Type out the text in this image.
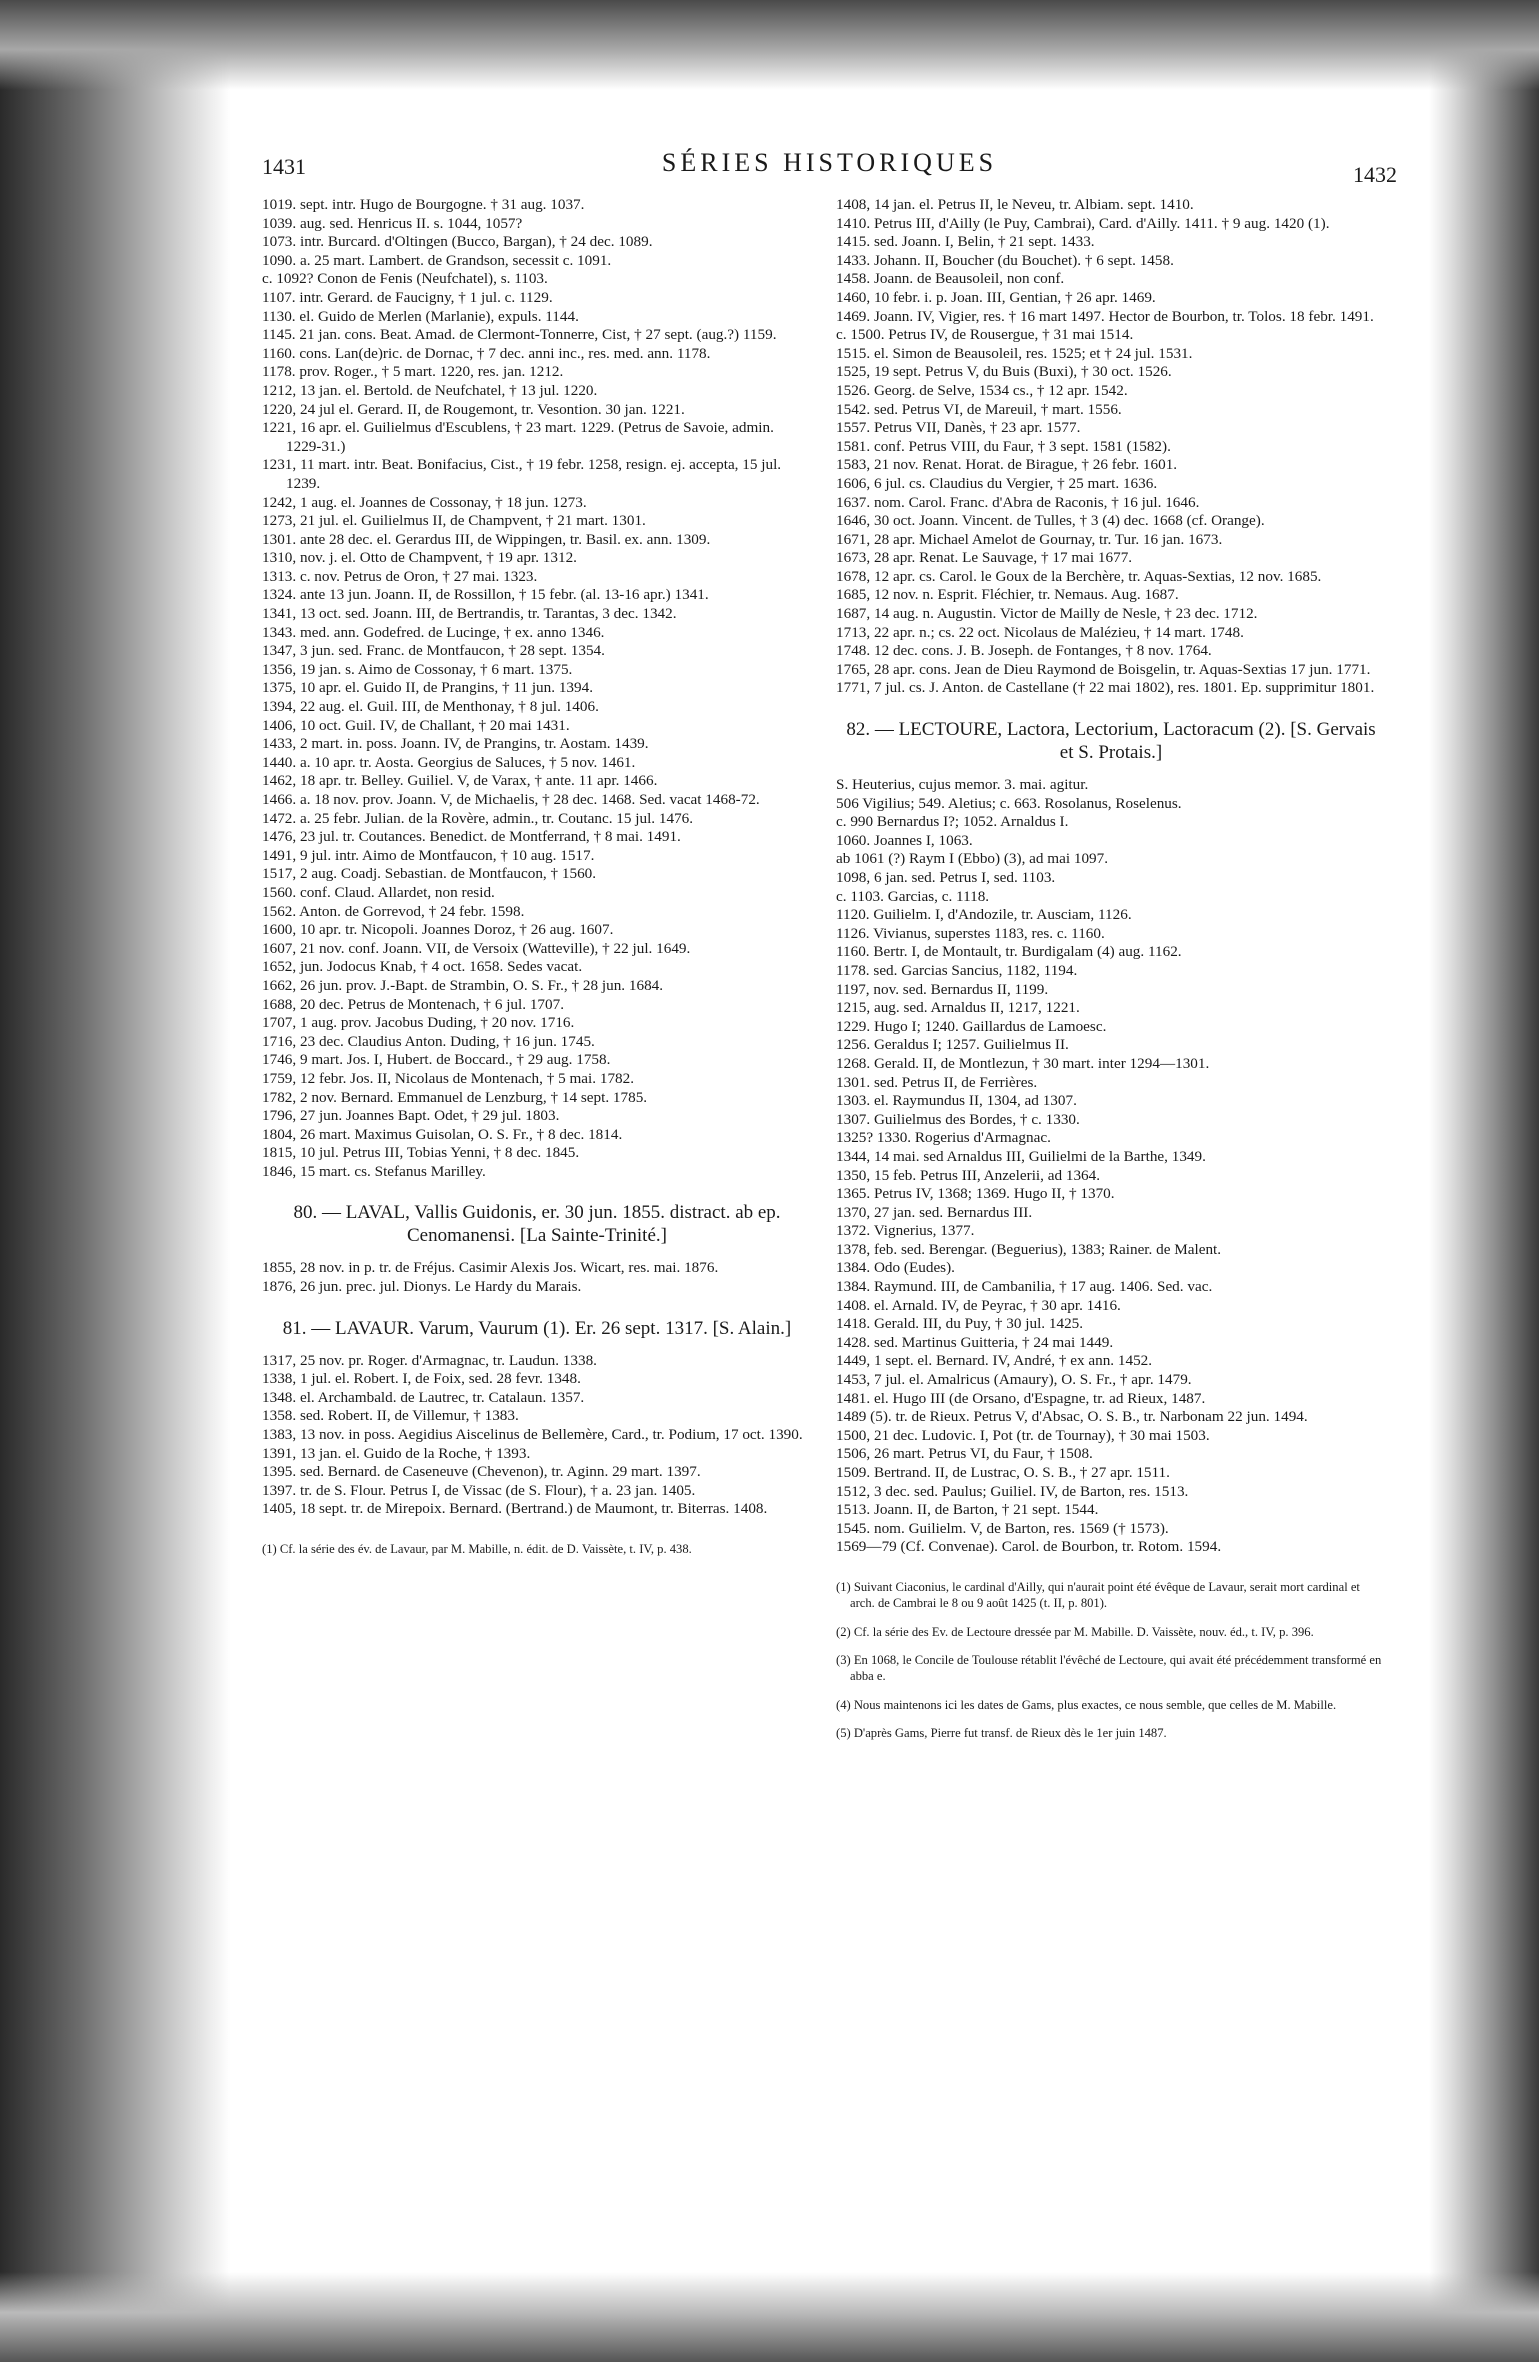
1431	SÉRIES HISTORIQUES	1432

1019. sept. intr. Hugo de Bourgogne. † 31 aug. 1037.

1039. aug. sed. Henricus II. s. 1044, 1057?

1073. intr. Burcard. d'Oltingen (Bucco, Bargan), † 24 dec. 1089.

1090. a. 25 mart. Lambert. de Grandson, secessit c. 1091.

c. 1092? Conon de Fenis (Neufchatel), s. 1103.

1107. intr. Gerard. de Faucigny, † 1 jul. c. 1129.

1130. el. Guido de Merlen (Marlanie), expuls. 1144.

1145. 21 jan. cons. Beat. Amad. de Clermont-Tonnerre, Cist, † 27 sept. (aug.?) 1159.

1160. cons. Lan(de)ric. de Dornac, † 7 dec. anni inc., res. med. ann. 1178.

1178. prov. Roger., † 5 mart. 1220, res. jan. 1212.

1212, 13 jan. el. Bertold. de Neufchatel, † 13 jul. 1220.

1220, 24 jul el. Gerard. II, de Rougemont, tr. Vesontion. 30 jan. 1221.

1221, 16 apr. el. Guilielmus d'Escublens, † 23 mart. 1229. (Petrus de Savoie, admin. 1229-31.)

1231, 11 mart. intr. Beat. Bonifacius, Cist., † 19 febr. 1258, resign. ej. accepta, 15 jul. 1239.

1242, 1 aug. el. Joannes de Cossonay, † 18 jun. 1273.

1273, 21 jul. el. Guilielmus II, de Champvent, † 21 mart. 1301.

1301. ante 28 dec. el. Gerardus III, de Wippingen, tr. Basil. ex. ann. 1309.

1310, nov. j. el. Otto de Champvent, † 19 apr. 1312.

1313. c. nov. Petrus de Oron, † 27 mai. 1323.

1324. ante 13 jun. Joann. II, de Rossillon, † 15 febr. (al. 13-16 apr.) 1341.

1341, 13 oct. sed. Joann. III, de Bertrandis, tr. Tarantas, 3 dec. 1342.

1343. med. ann. Godefred. de Lucinge, † ex. anno 1346.

1347, 3 jun. sed. Franc. de Montfaucon, † 28 sept. 1354.

1356, 19 jan. s. Aimo de Cossonay, † 6 mart. 1375.

1375, 10 apr. el. Guido II, de Prangins, † 11 jun. 1394.

1394, 22 aug. el. Guil. III, de Menthonay, † 8 jul. 1406.

1406, 10 oct. Guil. IV, de Challant, † 20 mai 1431.

1433, 2 mart. in. poss. Joann. IV, de Prangins, tr. Aostam. 1439.

1440. a. 10 apr. tr. Aosta. Georgius de Saluces, † 5 nov. 1461.

1462, 18 apr. tr. Belley. Guiliel. V, de Varax, † ante. 11 apr. 1466.

1466. a. 18 nov. prov. Joann. V, de Michaelis, † 28 dec. 1468. Sed. vacat 1468-72.

1472. a. 25 febr. Julian. de la Rovère, admin., tr. Coutanc. 15 jul. 1476.

1476, 23 jul. tr. Coutances. Benedict. de Montferrand, † 8 mai. 1491.

1491, 9 jul. intr. Aimo de Montfaucon, † 10 aug. 1517.

1517, 2 aug. Coadj. Sebastian. de Montfaucon, † 1560.

1560. conf. Claud. Allardet, non resid.

1562. Anton. de Gorrevod, † 24 febr. 1598.

1600, 10 apr. tr. Nicopoli. Joannes Doroz, † 26 aug. 1607.

1607, 21 nov. conf. Joann. VII, de Versoix (Watteville), † 22 jul. 1649.

1652, jun. Jodocus Knab, † 4 oct. 1658. Sedes vacat.

1662, 26 jun. prov. J.-Bapt. de Strambin, O. S. Fr., † 28 jun. 1684.

1688, 20 dec. Petrus de Montenach, † 6 jul. 1707.

1707, 1 aug. prov. Jacobus Duding, † 20 nov. 1716.

1716, 23 dec. Claudius Anton. Duding, † 16 jun. 1745.

1746, 9 mart. Jos. I, Hubert. de Boccard., † 29 aug. 1758.

1759, 12 febr. Jos. II, Nicolaus de Montenach, † 5 mai. 1782.

1782, 2 nov. Bernard. Emmanuel de Lenzburg, † 14 sept. 1785.

1796, 27 jun. Joannes Bapt. Odet, † 29 jul. 1803.

1804, 26 mart. Maximus Guisolan, O. S. Fr., † 8 dec. 1814.

1815, 10 jul. Petrus III, Tobias Yenni, † 8 dec. 1845.

1846, 15 mart. cs. Stefanus Marilley.

80. — LAVAL, Vallis Guidonis, er. 30 jun. 1855. distract. ab ep. Cenomanensi. [La Sainte-Trinité.]

1855, 28 nov. in p. tr. de Fréjus. Casimir Alexis Jos. Wicart, res. mai. 1876.

1876, 26 jun. prec. jul. Dionys. Le Hardy du Marais.

81. — LAVAUR. Varum, Vaurum (1). Er. 26 sept. 1317. [S. Alain.]

1317, 25 nov. pr. Roger. d'Armagnac, tr. Laudun. 1338.

1338, 1 jul. el. Robert. I, de Foix, sed. 28 fevr. 1348.

1348. el. Archambald. de Lautrec, tr. Catalaun. 1357.

1358. sed. Robert. II, de Villemur, † 1383.

1383, 13 nov. in poss. Aegidius Aiscelinus de Bellemère, Card., tr. Podium, 17 oct. 1390.

1391, 13 jan. el. Guido de la Roche, † 1393.

1395. sed. Bernard. de Caseneuve (Chevenon), tr. Aginn. 29 mart. 1397.

1397. tr. de S. Flour. Petrus I, de Vissac (de S. Flour), † a. 23 jan. 1405.

1405, 18 sept. tr. de Mirepoix. Bernard. (Bertrand.) de Maumont, tr. Biterras. 1408.

(1) Cf. la série des év. de Lavaur, par M. Mabille, n. édit. de D. Vaissète, t. IV, p. 438.

1408, 14 jan. el. Petrus II, le Neveu, tr. Albiam. sept. 1410.

1410. Petrus III, d'Ailly (le Puy, Cambrai), Card. d'Ailly. 1411. † 9 aug. 1420 (1).

1415. sed. Joann. I, Belin, † 21 sept. 1433.

1433. Johann. II, Boucher (du Bouchet). † 6 sept. 1458.

1458. Joann. de Beausoleil, non conf.

1460, 10 febr. i. p. Joan. III, Gentian, † 26 apr. 1469.

1469. Joann. IV, Vigier, res. † 16 mart 1497. Hector de Bourbon, tr. Tolos. 18 febr. 1491.

c. 1500. Petrus IV, de Rousergue, † 31 mai 1514.

1515. el. Simon de Beausoleil, res. 1525; et † 24 jul. 1531.

1525, 19 sept. Petrus V, du Buis (Buxi), † 30 oct. 1526.

1526. Georg. de Selve, 1534 cs., † 12 apr. 1542.

1542. sed. Petrus VI, de Mareuil, † mart. 1556.

1557. Petrus VII, Danès, † 23 apr. 1577.

1581. conf. Petrus VIII, du Faur, † 3 sept. 1581 (1582).

1583, 21 nov. Renat. Horat. de Birague, † 26 febr. 1601.

1606, 6 jul. cs. Claudius du Vergier, † 25 mart. 1636.

1637. nom. Carol. Franc. d'Abra de Raconis, † 16 jul. 1646.

1646, 30 oct. Joann. Vincent. de Tulles, † 3 (4) dec. 1668 (cf. Orange).

1671, 28 apr. Michael Amelot de Gournay, tr. Tur. 16 jan. 1673.

1673, 28 apr. Renat. Le Sauvage, † 17 mai 1677.

1678, 12 apr. cs. Carol. le Goux de la Berchère, tr. Aquas-Sextias, 12 nov. 1685.

1685, 12 nov. n. Esprit. Fléchier, tr. Nemaus. Aug. 1687.

1687, 14 aug. n. Augustin. Victor de Mailly de Nesle, † 23 dec. 1712.

1713, 22 apr. n.; cs. 22 oct. Nicolaus de Malézieu, † 14 mart. 1748.

1748. 12 dec. cons. J. B. Joseph. de Fontanges, † 8 nov. 1764.

1765, 28 apr. cons. Jean de Dieu Raymond de Boisgelin, tr. Aquas-Sextias 17 jun. 1771.

1771, 7 jul. cs. J. Anton. de Castellane († 22 mai 1802), res. 1801. Ep. supprimitur 1801.

82. — LECTOURE, Lactora, Lectorium, Lactoracum (2). [S. Gervais et S. Protais.]

S. Heuterius, cujus memor. 3. mai. agitur.

506 Vigilius; 549. Aletius; c. 663. Rosolanus, Roselenus.

c. 990 Bernardus I?; 1052. Arnaldus I.

1060. Joannes I, 1063.

ab 1061 (?) Raym I (Ebbo) (3), ad mai 1097.

1098, 6 jan. sed. Petrus I, sed. 1103.

c. 1103. Garcias, c. 1118.

1120. Guilielm. I, d'Andozile, tr. Ausciam, 1126.

1126. Vivianus, superstes 1183, res. c. 1160.

1160. Bertr. I, de Montault, tr. Burdigalam (4) aug. 1162.

1178. sed. Garcias Sancius, 1182, 1194.

1197, nov. sed. Bernardus II, 1199.

1215, aug. sed. Arnaldus II, 1217, 1221.

1229. Hugo I; 1240. Gaillardus de Lamoesc.

1256. Geraldus I; 1257. Guilielmus II.

1268. Gerald. II, de Montlezun, † 30 mart. inter 1294—1301.

1301. sed. Petrus II, de Ferrières.

1303. el. Raymundus II, 1304, ad 1307.

1307. Guilielmus des Bordes, † c. 1330.

1325? 1330. Rogerius d'Armagnac.

1344, 14 mai. sed Arnaldus III, Guilielmi de la Barthe, 1349.

1350, 15 feb. Petrus III, Anzelerii, ad 1364.

1365. Petrus IV, 1368; 1369. Hugo II, † 1370.

1370, 27 jan. sed. Bernardus III.

1372. Vignerius, 1377.

1378, feb. sed. Berengar. (Beguerius), 1383; Rainer. de Malent.

1384. Odo (Eudes).

1384. Raymund. III, de Cambanilia, † 17 aug. 1406. Sed. vac.

1408. el. Arnald. IV, de Peyrac, † 30 apr. 1416.

1418. Gerald. III, du Puy, † 30 jul. 1425.

1428. sed. Martinus Guitteria, † 24 mai 1449.

1449, 1 sept. el. Bernard. IV, André, † ex ann. 1452.

1453, 7 jul. el. Amalricus (Amaury), O. S. Fr., † apr. 1479.

1481. el. Hugo III (de Orsano, d'Espagne, tr. ad Rieux, 1487.

1489 (5). tr. de Rieux. Petrus V, d'Absac, O. S. B., tr. Narbonam 22 jun. 1494.

1500, 21 dec. Ludovic. I, Pot (tr. de Tournay), † 30 mai 1503.

1506, 26 mart. Petrus VI, du Faur, † 1508.

1509. Bertrand. II, de Lustrac, O. S. B., † 27 apr. 1511.

1512, 3 dec. sed. Paulus; Guiliel. IV, de Barton, res. 1513.

1513. Joann. II, de Barton, † 21 sept. 1544.

1545. nom. Guilielm. V, de Barton, res. 1569 († 1573).

1569—79 (Cf. Convenae). Carol. de Bourbon, tr. Rotom. 1594.

(1) Suivant Ciaconius, le cardinal d'Ailly, qui n'aurait point été évêque de Lavaur, serait mort cardinal et arch. de Cambrai le 8 ou 9 août 1425 (t. II, p. 801).

(2) Cf. la série des Ev. de Lectoure dressée par M. Mabille. D. Vaissète, nouv. éd., t. IV, p. 396.

(3) En 1068, le Concile de Toulouse rétablit l'évêché de Lectoure, qui avait été précédemment transformé en abba e.

(4) Nous maintenons ici les dates de Gams, plus exactes, ce nous semble, que celles de M. Mabille.

(5) D'après Gams, Pierre fut transf. de Rieux dès le 1er juin 1487.
